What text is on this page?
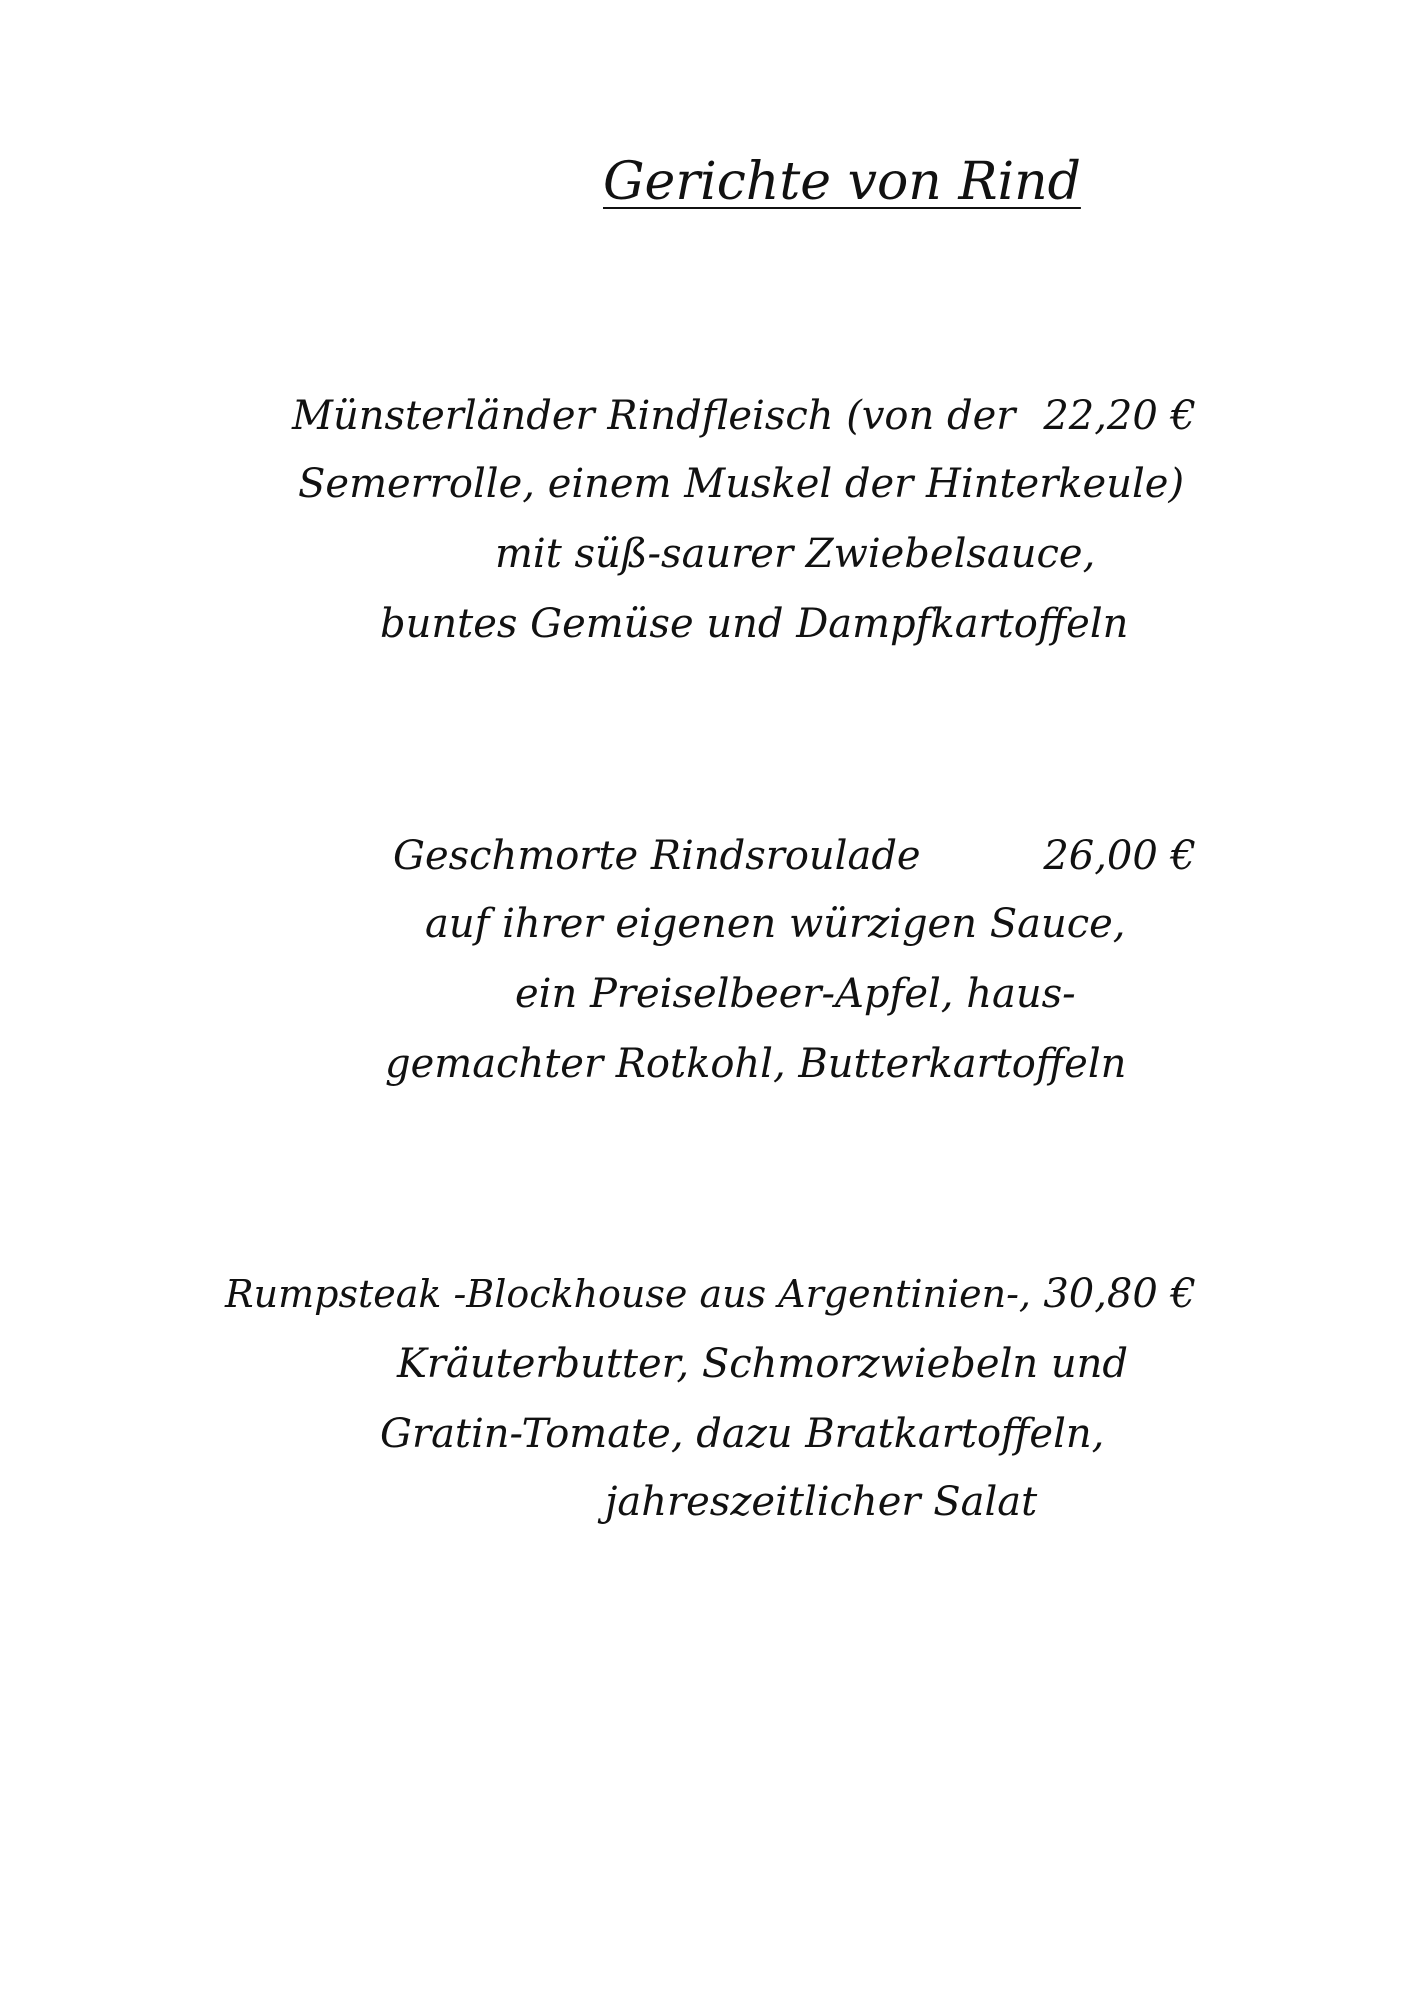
Gerichte von Rind
Münsterländer Rindfleisch (von der 22,20 €
Semerrolle, einem Muskel der Hinterkeule)
mit süß-saurer Zwiebelsauce,
buntes Gemüse und Dampfkartoffeln
Geschmorte Rindsroulade	26,00 €
auf ihrer eigenen würzigen Sauce,
ein Preiselbeer-Apfel, haus-
gemachter Rotkohl, Butterkartoffeln
Rumpsteak -Blockhouse aus Argentinien-, 30,80 €
Kräuterbutter, Schmorzwiebeln und
Gratin-Tomate, dazu Bratkartoffeln,
jahreszeitlicher Salat
